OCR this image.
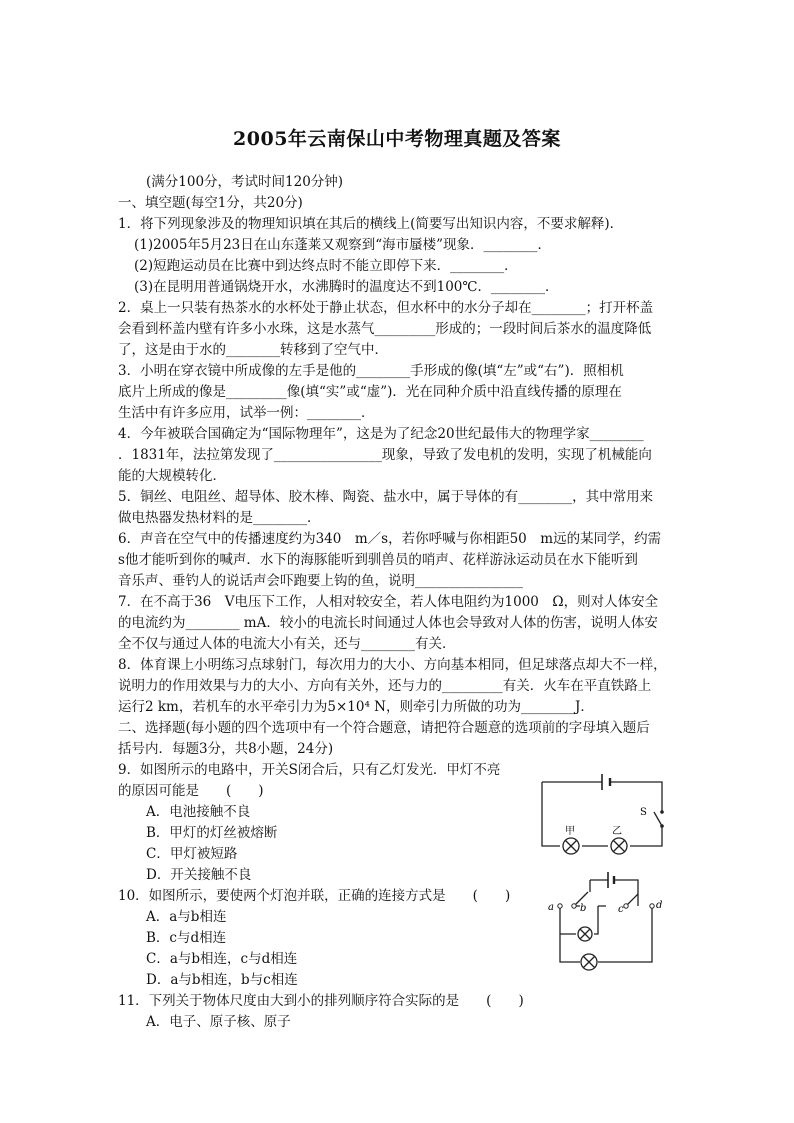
2005年云南保山中考物理真题及答案
(满分100分，考试时间120分钟)
一、填空题(每空1分，共20分)
1．将下列现象涉及的物理知识填在其后的横线上(简要写出知识内容，不要求解释)．
(1)2005年5月23日在山东蓬莱又观察到“海市蜃楼”现象．________．
(2)短跑运动员在比赛中到达终点时不能立即停下来．________．
(3)在昆明用普通锅烧开水，水沸腾时的温度达不到100℃．________．
2．桌上一只装有热茶水的水杯处于静止状态，但水杯中的水分子却在________；打开杯盖
会看到杯盖内壁有许多小水珠，这是水蒸气_________形成的；一段时间后茶水的温度降低
了，这是由于水的________转移到了空气中．
3．小明在穿衣镜中所成像的左手是他的________手形成的像(填“左”或“右”)．照相机
底片上所成的像是_________像(填“实”或“虚”)．光在同种介质中沿直线传播的原理在
生活中有许多应用，试举一例：________．
4．今年被联合国确定为“国际物理年”，这是为了纪念20世纪最伟大的物理学家________
．1831年，法拉第发现了________________现象，导致了发电机的发明，实现了机械能向
能的大规模转化．
5．铜丝、电阻丝、超导体、胶木棒、陶瓷、盐水中，属于导体的有________，其中常用来
做电热器发热材料的是________．
6．声音在空气中的传播速度约为340　m／s，若你呼喊与你相距50　m远的某同学，约需
s他才能听到你的喊声．水下的海豚能听到驯兽员的哨声、花样游泳运动员在水下能听到
音乐声、垂钓人的说话声会吓跑要上钩的鱼，说明________________
7．在不高于36　V电压下工作，人相对较安全，若人体电阻约为1000　Ω，则对人体安全
的电流约为________ mA．较小的电流长时间通过人体也会导致对人体的伤害，说明人体安
全不仅与通过人体的电流大小有关，还与________有关．
8．体育课上小明练习点球射门，每次用力的大小、方向基本相同，但足球落点却大不一样，
说明力的作用效果与力的大小、方向有关外，还与力的_________有关．火车在平直铁路上
运行2 km，若机车的水平牵引力为5×10⁴ N，则牵引力所做的功为________J．
二、选择题(每小题的四个选项中有一个符合题意，请把符合题意的选项前的字母填入题后
括号内．每题3分，共8小题，24分)
9．如图所示的电路中，开关S闭合后，只有乙灯发光．甲灯不亮
的原因可能是　　(　　)
A．电池接触不良
B．甲灯的灯丝被熔断
C．甲灯被短路
D．开关接触不良
10．如图所示，要使两个灯泡并联，正确的连接方式是　　(　　)
A．a与b相连
B．c与d相连
C．a与b相连，c与d相连
D．a与b相连，b与c相连
11．下列关于物体尺度由大到小的排列顺序符合实际的是　　(　　)
A．电子、原子核、原子
S
甲	乙
a	b	c	d
